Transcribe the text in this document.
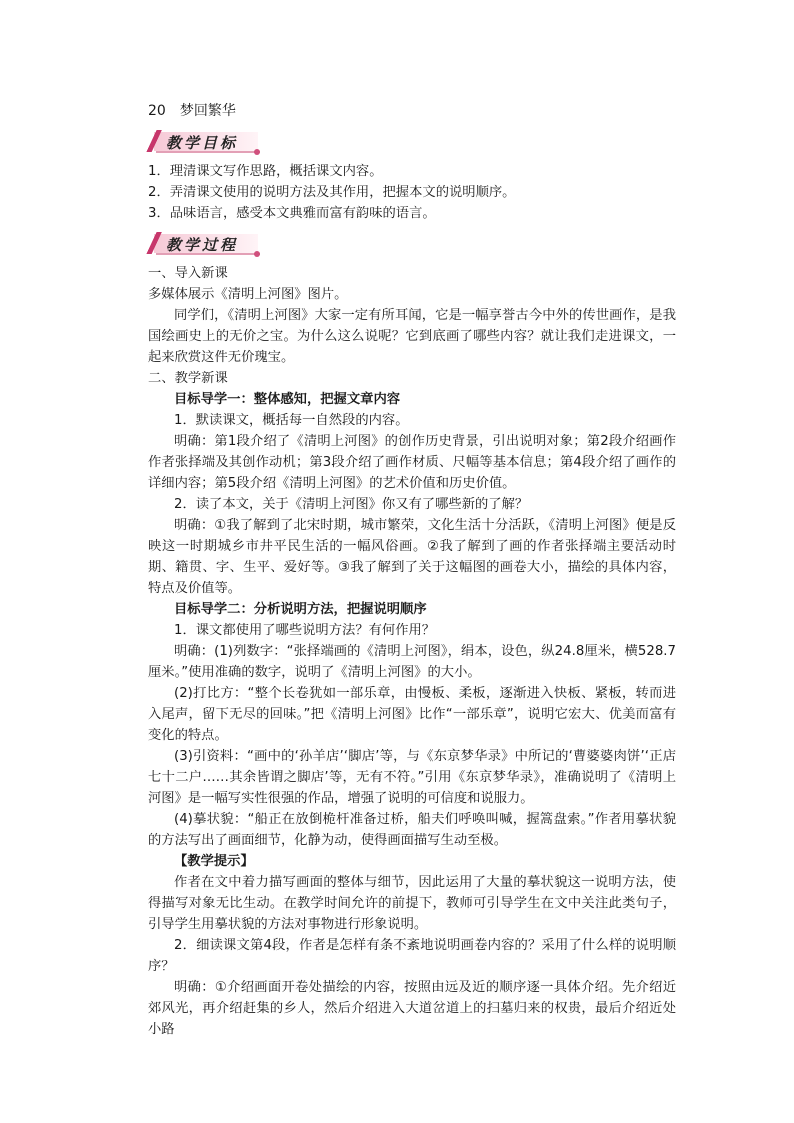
20　梦回繁华
教学目标

1．理清课文写作思路，概括课文内容。

2．弄清课文使用的说明方法及其作用，把握本文的说明顺序。

3．品味语言，感受本文典雅而富有韵味的语言。

教学过程

一、导入新课

多媒体展示《清明上河图》图片。

同学们，《清明上河图》大家一定有所耳闻，它是一幅享誉古今中外的传世画作，是我国绘画史上的无价之宝。为什么这么说呢？它到底画了哪些内容？就让我们走进课文，一起来欣赏这件无价瑰宝。

二、教学新课

目标导学一：整体感知，把握文章内容

1．默读课文，概括每一自然段的内容。

明确：第1段介绍了《清明上河图》的创作历史背景，引出说明对象；第2段介绍画作作者张择端及其创作动机；第3段介绍了画作材质、尺幅等基本信息；第4段介绍了画作的详细内容；第5段介绍《清明上河图》的艺术价值和历史价值。

2．读了本文，关于《清明上河图》你又有了哪些新的了解？

明确：①我了解到了北宋时期，城市繁荣，文化生活十分活跃，《清明上河图》便是反映这一时期城乡市井平民生活的一幅风俗画。②我了解到了画的作者张择端主要活动时期、籍贯、字、生平、爱好等。③我了解到了关于这幅图的画卷大小，描绘的具体内容，特点及价值等。

目标导学二：分析说明方法，把握说明顺序

1．课文都使用了哪些说明方法？有何作用？

明确：(1)列数字：“张择端画的《清明上河图》，绢本，设色，纵24.8厘米，横528.7厘米。”使用准确的数字，说明了《清明上河图》的大小。

(2)打比方：“整个长卷犹如一部乐章，由慢板、柔板，逐渐进入快板、紧板，转而进入尾声，留下无尽的回味。”把《清明上河图》比作“一部乐章”，说明它宏大、优美而富有变化的特点。

(3)引资料：“画中的‘孙羊店’‘脚店’等，与《东京梦华录》中所记的‘曹婆婆肉饼’‘正店七十二户……其余皆谓之脚店’等，无有不符。”引用《东京梦华录》，准确说明了《清明上河图》是一幅写实性很强的作品，增强了说明的可信度和说服力。

(4)摹状貌：“船正在放倒桅杆准备过桥，船夫们呼唤叫喊，握篙盘索。”作者用摹状貌的方法写出了画面细节，化静为动，使得画面描写生动至极。

【教学提示】

作者在文中着力描写画面的整体与细节，因此运用了大量的摹状貌这一说明方法，使得描写对象无比生动。在教学时间允许的前提下，教师可引导学生在文中关注此类句子，引导学生用摹状貌的方法对事物进行形象说明。

2．细读课文第4段，作者是怎样有条不紊地说明画卷内容的？采用了什么样的说明顺序？

明确：①介绍画面开卷处描绘的内容，按照由远及近的顺序逐一具体介绍。先介绍近郊风光，再介绍赶集的乡人，然后介绍进入大道岔道上的扫墓归来的权贵，最后介绍近处小路
